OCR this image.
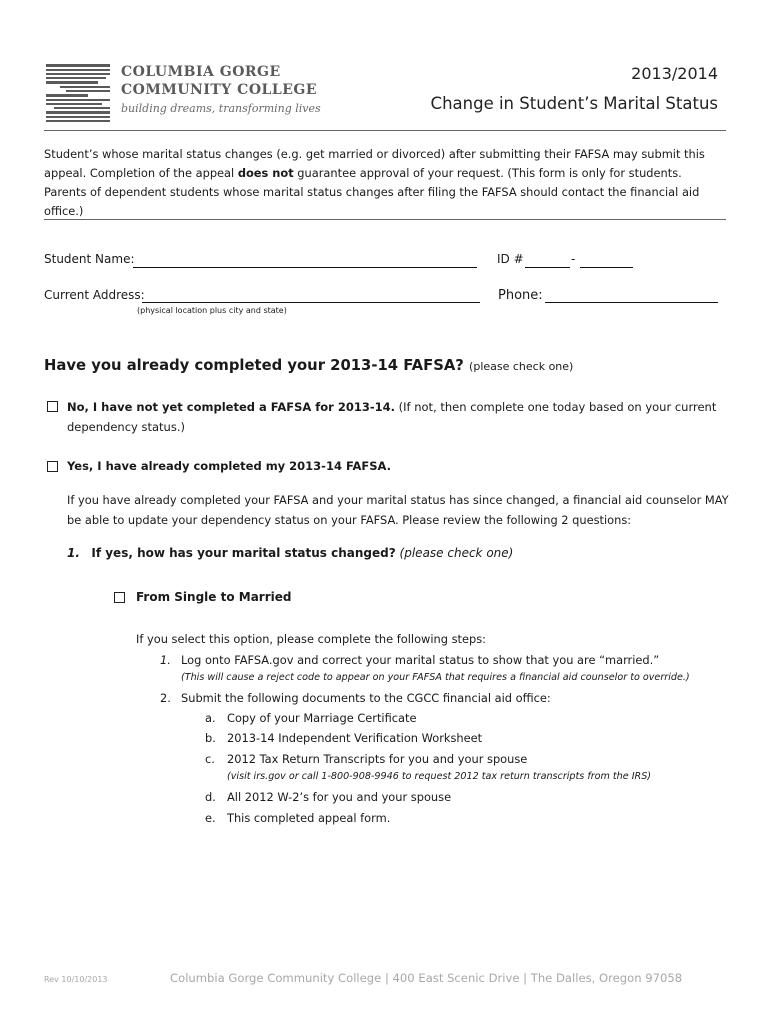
COLUMBIA GORGE
COMMUNITY COLLEGE
building dreams, transforming lives
2013/2014
Change in Student’s Marital Status
Student’s whose marital status changes (e.g. get married or divorced) after submitting their FAFSA may submit this appeal. Completion of the appeal does not guarantee approval of your request. (This form is only for students. Parents of dependent students whose marital status changes after filing the FAFSA should contact the financial aid office.)
Student Name:	ID #	-
Current Address:
(physical location plus city and state)
Phone:
Have you already completed your 2013-14 FAFSA? (please check one)
No, I have not yet completed a FAFSA for 2013-14. (If not, then complete one today based on your current
dependency status.)
Yes, I have already completed my 2013-14 FAFSA.
If you have already completed your FAFSA and your marital status has since changed, a financial aid counselor MAY
be able to update your dependency status on your FAFSA. Please review the following 2 questions:
1. If yes, how has your marital status changed? (please check one)
From Single to Married
If you select this option, please complete the following steps:
1. Log onto FAFSA.gov and correct your marital status to show that you are “married.”
(This will cause a reject code to appear on your FAFSA that requires a financial aid counselor to override.)
2. Submit the following documents to the CGCC financial aid office:
a. Copy of your Marriage Certificate
b. 2013-14 Independent Verification Worksheet
c. 2012 Tax Return Transcripts for you and your spouse
(visit irs.gov or call 1-800-908-9946 to request 2012 tax return transcripts from the IRS)
d. All 2012 W-2’s for you and your spouse
e. This completed appeal form.
Rev 10/10/2013	Columbia Gorge Community College | 400 East Scenic Drive | The Dalles, Oregon 97058
